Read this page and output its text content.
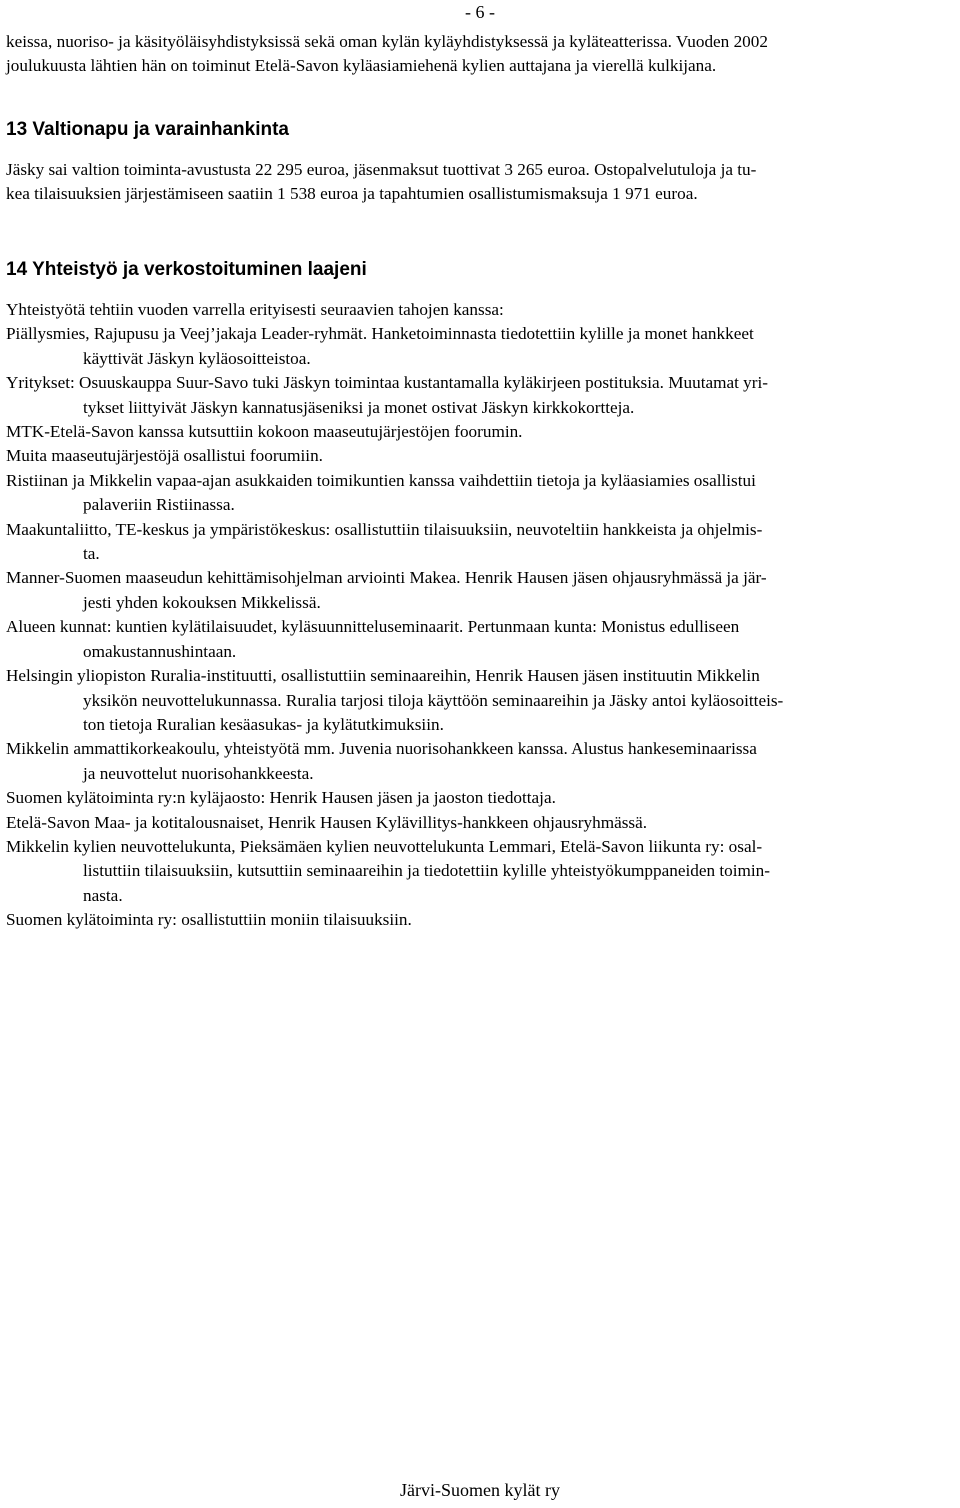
- 6 -

keissa, nuoriso- ja käsityöläisyhdistyksissä sekä oman kylän kyläyhdistyksessä ja kyläteatterissa. Vuoden 2002
joulukuusta lähtien hän on toiminut Etelä-Savon kyläasiamiehenä kylien auttajana ja vierellä kulkijana.

13 Valtionapu ja varainhankinta

Jäsky sai valtion toiminta-avustusta 22 295 euroa, jäsenmaksut tuottivat 3 265 euroa. Ostopalvelutuloja ja tu-
kea tilaisuuksien järjestämiseen saatiin 1 538 euroa ja tapahtumien osallistumismaksuja 1 971 euroa.

14 Yhteistyö ja verkostoituminen laajeni

Yhteistyötä tehtiin vuoden varrella erityisesti seuraavien tahojen kanssa:

Piällysmies, Rajupusu ja Veej’jakaja Leader-ryhmät. Hanketoiminnasta tiedotettiin kylille ja monet hankkeet
käyttivät Jäskyn kyläosoitteistoa.

Yritykset: Osuuskauppa Suur-Savo tuki Jäskyn toimintaa kustantamalla kyläkirjeen postituksia. Muutamat yri-
tykset liittyivät Jäskyn kannatusjäseniksi ja monet ostivat Jäskyn kirkkokortteja.

MTK-Etelä-Savon kanssa kutsuttiin kokoon maaseutujärjestöjen foorumin.

Muita maaseutujärjestöjä osallistui foorumiin.

Ristiinan ja Mikkelin vapaa-ajan asukkaiden toimikuntien kanssa vaihdettiin tietoja ja kyläasiamies osallistui
palaveriin Ristiinassa.

Maakuntaliitto, TE-keskus ja ympäristökeskus: osallistuttiin tilaisuuksiin, neuvoteltiin hankkeista ja ohjelmis-
ta.

Manner-Suomen maaseudun kehittämisohjelman arviointi Makea. Henrik Hausen jäsen ohjausryhmässä ja jär-
jesti yhden kokouksen Mikkelissä.

Alueen kunnat: kuntien kylätilaisuudet, kyläsuunnitteluseminaarit. Pertunmaan kunta: Monistus edulliseen
omakustannushintaan.

Helsingin yliopiston Ruralia-instituutti, osallistuttiin seminaareihin, Henrik Hausen jäsen instituutin Mikkelin
yksikön neuvottelukunnassa. Ruralia tarjosi tiloja käyttöön seminaareihin ja Jäsky antoi kyläosoittеis-
ton tietoja Ruralian kesäasukas- ja kylätutkimuksiin.

Mikkelin ammattikorkeakoulu, yhteistyötä mm. Juvenia nuorisohankkeen kanssa. Alustus hankeseminaarissa
ja neuvottelut nuorisohankkeesta.

Suomen kylätoiminta ry:n kyläjaosto: Henrik Hausen jäsen ja jaoston tiedottaja.

Etelä-Savon Maa- ja kotitalousnaiset, Henrik Hausen Kylävillitys-hankkeen ohjausryhmässä.

Mikkelin kylien neuvottelukunta, Pieksämäen kylien neuvottelukunta Lemmari, Etelä-Savon liikunta ry: osal-
listuttiin tilaisuuksiin, kutsuttiin seminaareihin ja tiedotettiin kylille yhteistyökumppaneiden toimin-
nasta.

Suomen kylätoiminta ry: osallistuttiin moniin tilaisuuksiin.

Järvi-Suomen kylät ry
